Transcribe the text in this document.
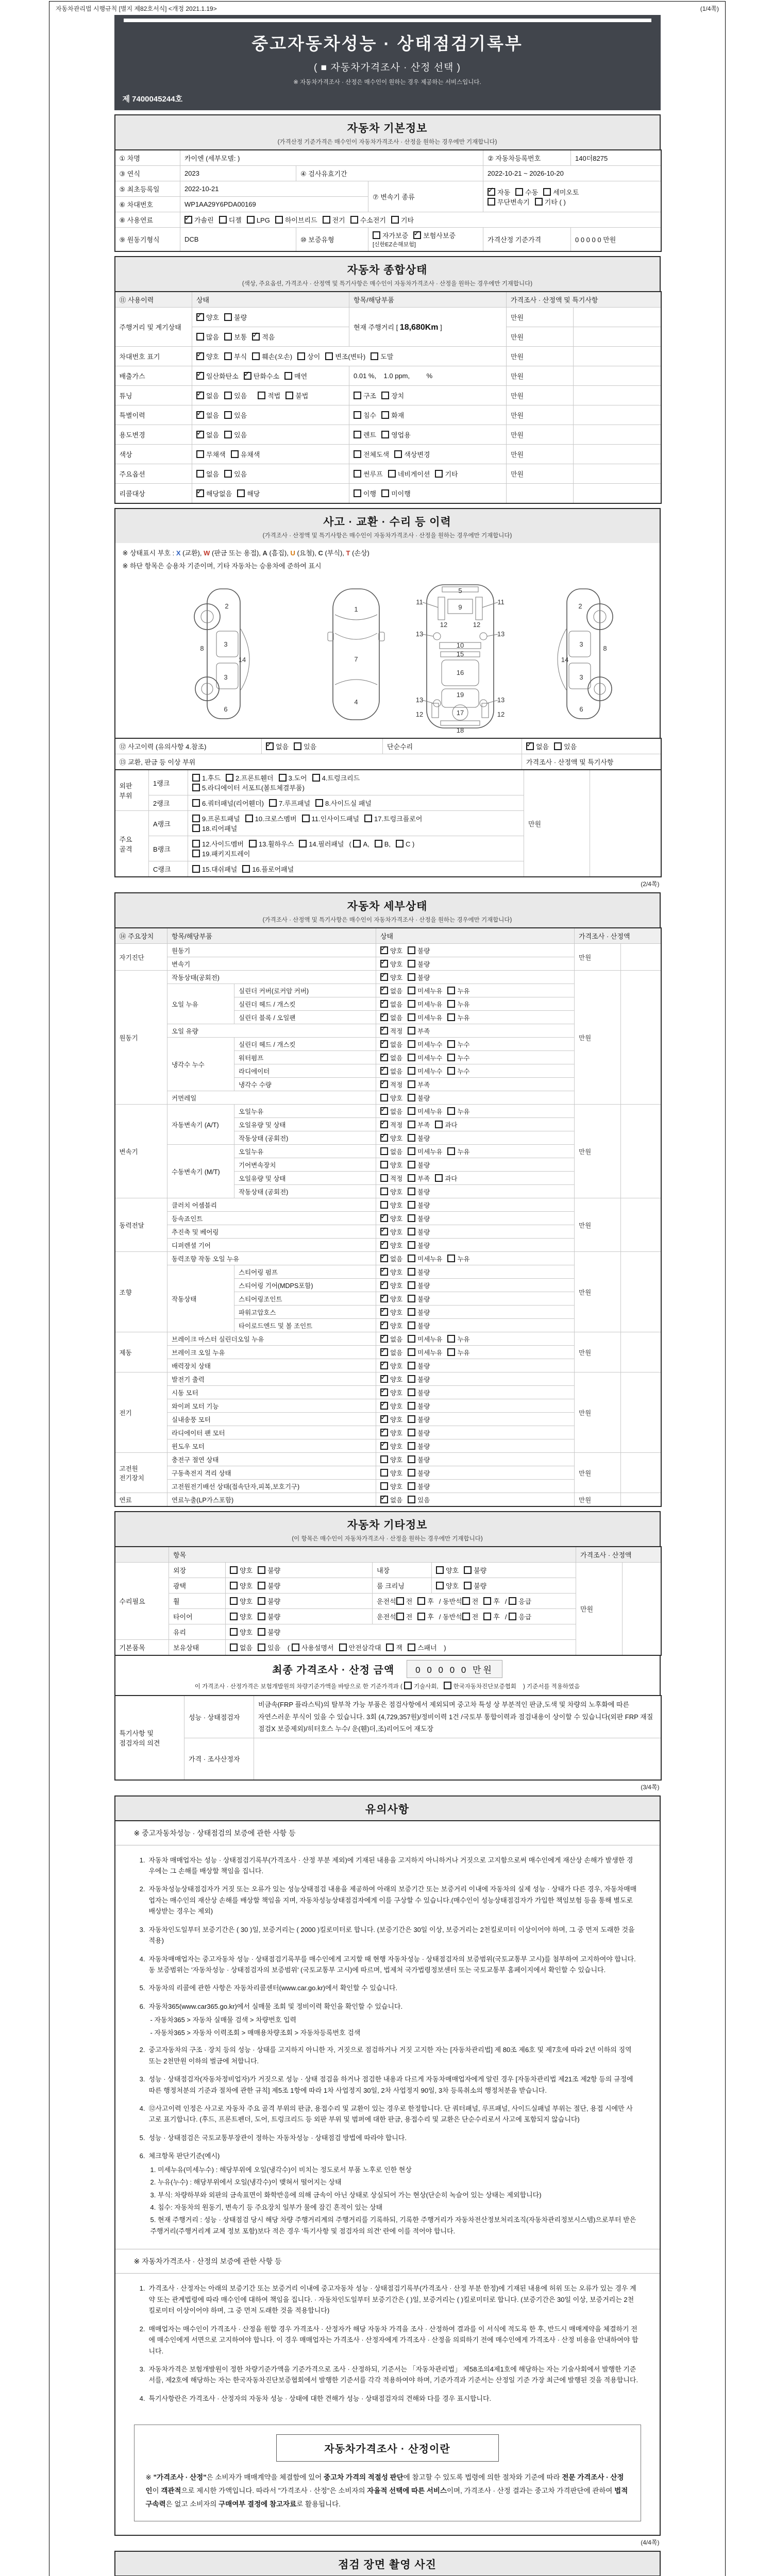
자동차관리법 시행규칙 [별지 제82호서식] <개정 2021.1.19>	(1/4쪽)
중고자동차성능 · 상태점검기록부
( ■ 자동차가격조사 · 산정 선택 )
※ 자동차가격조사 · 산정은 매수인이 원하는 경우 제공하는 서비스입니다.
제 7400045244호
자동차 기본정보
(가격산정 기준가격은 매수인이 자동차가격조사 · 산정을 원하는 경우에만 기재합니다)
① 차명	카이엔 (세부모델: )			② 자동차등록번호	140더8275
③ 연식	2023	④ 검사유효기간		2022-10-21 ~ 2026-10-20	
⑤ 최초등록일	2022-10-21		⑦ 변속기 종류	✓자동 수동 세미오토
무단변속기 기타 ( )
⑥ 차대번호	WP1AA29Y6PDA00169				
⑧ 사용연료	✓가솔린 디젤 LPG 하이브리드 전기 수소전기 기타
⑨ 원동기형식	DCB	⑩ 보증유형	자가보증 ✓ 보험사보증 [신한EZ손해보험]	가격산정 기준가격	0 0 0 0 0 만원
자동차 종합상태
(색상, 주요옵션, 가격조사 · 산정액 및 특기사항은 매수인이 자동차가격조사 · 산정을 원하는 경우에만 기재합니다)
⑪ 사용이력	상태	항목/해당부품	가격조사 · 산정액 및 특기사항	
주행거리 및 계기상태	✓양호 불량	현재 주행거리 [ 18,680Km ]	만원	
	많음 보통 ✓ 적음		만원	
차대번호 표기	✓양호 부식 훼손(오손) 상이 변조(변타) 도말		만원	
배출가스	✓일산화탄소 ✓ 탄화수소 매연	0.01 %,    1.0 ppm,         %	만원	
튜닝	✓없음 있음 적법 불법	구조 장치	만원	
특별이력	✓없음 있음	침수 화재	만원	
용도변경	✓없음 있음	렌트 영업용	만원	
색상	무채색 유채색	전체도색 색상변경	만원	
주요옵션	없음 있음	썬루프 네비게이션 기타	만원	
리콜대상	✓해당없음 해당	이행 미이행		
사고 · 교환 · 수리 등 이력
(가격조사 · 산정액 및 특기사항은 매수인이 자동차가격조사 · 산정을 원하는 경우에만 기재합니다)
※ 상태표시 부호 : X (교환), W (판금 또는 용접), A (흠집), U (요철), C (부식), T (손상)
※ 하단 항목은 승용차 기준이며, 기타 자동차는 승용차에 준하여 표시
2
8
3
14
3
6
1
7
4
5
9
11	11
12	12
13	13
10
15
16
19
13	13
17
12	12
18
2
8
3
14
3
6
⑫ 사고이력 (유의사항 4.참조)	✓없음 있음	단순수리	✓없음 있음
⑬ 교환, 판금 등 이상 부위			가격조사 · 산정액 및 특기사항
외판 부위	1랭크	1.후드 2.프론트휀더 3.도어 4.트렁크리드
5.라디에이터 서포트(볼트체결부품)	만원	
	2랭크	6.쿼터패널(리어휀더) 7.루프패널 8.사이드실 패널		
주요 골격	A랭크	9.프론트패널 10.크로스멤버 11.인사이드패널 17.트렁크플로어
18.리어패널		
	B랭크	12.사이드멤버 13.휠하우스 14.필러패널 ( A, B, C )
19.패키지트레이		
	C랭크	15.대쉬패널 16.플로어패널		
(2/4쪽)
자동차 세부상태
(가격조사 · 산정액 및 특기사항은 매수인이 자동차가격조사 · 산정을 원하는 경우에만 기재합니다)
⑭ 주요장치	항목/해당부품		상태	가격조사 · 산정액	
자기진단	원동기	✓양호 불량	만원	
	변속기	✓양호 불량
원동기	작동상태(공회전)	✓양호 불량	만원	
	오일 누유	실린더 커버(로커암 커버)	✓없음 미세누유 누유
		실린더 헤드 / 개스킷	✓없음 미세누유 누유
		실린더 블록 / 오일팬	✓없음 미세누유 누유
	오일 유량	✓적정 부족
	냉각수 누수	실린더 헤드 / 개스킷	✓없음 미세누수 누수
		워터펌프	✓없음 미세누수 누수
		라디에이터	✓없음 미세누수 누수
		냉각수 수량	✓적정 부족
	커먼레일		양호 불량		
변속기	자동변속기 (A/T)	오일누유	✓없음 미세누유 누유	만원	
		오일유량 및 상태	✓적정 부족 과다
		작동상태 (공회전)	✓양호 불량
	수동변속기 (M/T)	오일누유	없음 미세누유 누유		
		기어변속장치	양호 불량		
		오일유량 및 상태	적정 부족 과다		
		작동상태 (공회전)	양호 불량		
동력전달	클러치 어셈블리		양호 불량	만원	
	등속죠인트	✓양호 불량
	추진축 및 베어링	✓양호 불량
	디퍼렌셜 기어	✓양호 불량
조향	동력조향 작동 오일 누유	✓없음 미세누유 누유	만원	
	작동상태	스티어링 펌프	✓양호 불량
		스티어링 기어(MDPS포함)	✓양호 불량
		스티어링조인트	✓양호 불량
		파워고압호스	✓양호 불량
		타이로드엔드 및 볼 조인트	✓양호 불량
제동	브레이크 마스터 실린더오일 누유	✓없음 미세누유 누유	만원	
	브레이크 오일 누유	✓없음 미세누유 누유
	배력장치 상태	✓양호 불량
전기	발전기 출력	✓양호 불량	만원	
	시동 모터	✓양호 불량
	와이퍼 모터 기능	✓양호 불량
	실내송풍 모터	✓양호 불량
	라디에이터 팬 모터	✓양호 불량
	윈도우 모터	✓양호 불량
고전원 전기장치	충전구 절연 상태		양호 불량	만원	
	구동축전지 격리 상태		양호 불량		
	고전원전기배선 상태(접속단자,피복,보호기구)		양호 불량		
연료	연료누출(LP가스포함)	✓없음 있음	만원	
자동차 기타정보
(이 항목은 매수인이 자동차가격조사 · 산정을 원하는 경우에만 기재합니다)
	항목				가격조사 · 산정액	
수리필요	외장	양호 불량	내장	양호 불량	만원	
	광택	양호 불량	룸 크리닝	양호 불량		
	휠	양호 불량	운전석 전 후 / 동반석 전 후 / 응급			
	타이어	양호 불량	운전석 전 후 / 동반석 전 후 / 응급			
	유리	양호 불량				
기본품목	보유상태	없음 있음 ( 사용설명서 안전삼각대 잭 스패너 )				
최종 가격조사 · 산정 금액	0 0 0 0 0 만원
이 가격조사 · 산정가격은 보험개발원의 차량기준가액을 바탕으로 한 기준가격과 ( 기술사회,	한국자동차진단보증협회 ) 기준서를 적용하였음
특기사항 및 점검자의 의견	성능 · 상태점검자	비금속(FRP 플라스틱)의 탈부착 가능 부품은 점검사항에서 제외되며 중고차 특성 상 부분적인 판금,도색 및 차량의 노후화에 따른 자연스러운 부식이 있을 수 있습니다. 3회 (4,729,357원)/정비이력 1건 /국토부 통합이력과 점검내용이 상이할 수 있습니다(외판 FRP 재질 점검X 보증제외)/히터호스 누수/ 운(휀)더,조)리어도어 재도장
	가격 · 조사산정자	
(3/4쪽)
유의사항
※ 중고자동차성능 · 상태점검의 보증에 관한 사항 등
1. 자동차 매매업자는 성능 · 상태점검기록부(가격조사 · 산정 부분 제외)에 기재된 내용을 고지하지 아니하거나 거짓으로 고지함으로써 매수인에게 재산상 손해가 발생한 경우에는 그 손해를 배상할 책임을 집니다.
2. 자동차성능상태점검자가 거짓 또는 오류가 있는 성능상태점검 내용을 제공하여 아래의 보증기간 또는 보증거리 이내에 자동차의 실제 성능 · 상태가 다른 경우, 자동차매매업자는 매수인의 재산상 손해를 배상할 책임을 지며, 자동차성능상태점검자에게 이를 구상할 수 있습니다.(매수인이 성능상태점검자가 가입한 책임보험 등을 통해 별도로 배상받는 경우는 제외)
3. 자동차인도일부터 보증기간은 ( 30 )일, 보증거리는 ( 2000 )킬로미터로 합니다. (보증기간은 30일 이상, 보증거리는 2천킬로미터 이상이어야 하며, 그 중 먼저 도래한 것을 적용)
4. 자동차매매업자는 중고자동차 성능 · 상태점검기록부를 매수인에게 고지할 때 현행 자동차성능 · 상태점검자의 보증범위(국토교통부 고시)를 첨부하여 고지하여야 합니다. 동 보증범위는 '자동차성능 · 상태점검자의 보증범위' (국토교통부 고시)에 따르며, 법제처 국가법령정보센터 또는 국토교통부 홈페이지에서 확인할 수 있습니다.
5. 자동차의 리콜에 관한 사항은 자동차리콜센터(www.car.go.kr)에서 확인할 수 있습니다.
6. 자동차365(www.car365.go.kr)에서 실매물 조회 및 정비이력 확인을 확인할 수 있습니다.
- 자동차365 > 자동차 실매물 검색 > 차량번호 입력
- 자동차365 > 자동차 이력조회 > 매매용차량조회 > 자동차등록번호 검색
2. 중고자동차의 구조 · 장치 등의 성능 · 상태를 고지하지 아니한 자, 거짓으로 점검하거나 거짓 고지한 자는 [자동차관리법] 제 80조 제6호 및 제7호에 따라 2년 이하의 징역 또는 2천만원 이하의 벌금에 처합니다.
3. 성능 · 상태점검자(자동차정비업자)가 거짓으로 성능 · 상태 점검을 하거나 점검한 내용과 다르게 자동차매매업자에게 알린 경우 [자동차관리법 제21조 제2항 등의 규정에 따른 행정처분의 기준과 절차에 관한 규칙] 제5조 1항에 따라 1차 사업정지 30일, 2차 사업정지 90일, 3차 등록취소의 행정처분을 받습니다.
4. ⑫사고이력 인정은 사고로 자동차 주요 골격 부위의 판금, 용접수리 및 교환이 있는 경우로 한정합니다. 단 쿼터패널, 루프패널, 사이드실패널 부위는 절단, 용접 시에만 사고로 표기합니다. (후드, 프론트펜더, 도어, 트렁크리드 등 외판 부위 및 범퍼에 대한 판금, 용접수리 및 교환은 단순수리로서 사고에 포함되지 않습니다)
5. 성능 · 상태점검은 국토교통부장관이 정하는 자동차성능 · 상태점검 방법에 따라야 합니다.
6. 체크항목 판단기준(예시)
1. 미세누유(미세누수) : 해당부위에 오일(냉각수)이 비치는 정도로서 부품 노후로 인한 현상
2. 누유(누수) : 해당부위에서 오일(냉각수)이 맺혀서 떨어지는 상태
3. 부식: 차량하부와 외판의 금속표면이 화학반응에 의해 금속이 아닌 상태로 상실되어 가는 현상(단순히 녹슬어 있는 상태는 제외합니다)
4. 침수: 자동차의 원동기, 변속기 등 주요장치 일부가 물에 잠긴 흔적이 있는 상태
5. 현재 주행거리 : 성능 · 상태점검 당시 해당 차량 주행거리계의 주행거리를 기록하되, 기록한 주행거리가 자동차전산정보처리조직(자동차관리정보시스템)으로부터 받은 주행거리(주행거리계 교체 정보 포함)보다 적은 경우 '특기사항 및 점검자의 의견' 란에 이를 적어야 합니다.
※ 자동차가격조사 · 산정의 보증에 관한 사항 등
1. 가격조사 · 산정자는 아래의 보증기간 또는 보증거리 이내에 중고자동차 성능 · 상태점검기록부(가격조사 · 산정 부분 한정)에 기재된 내용에 허위 또는 오류가 있는 경우 계약 또는 관계법령에 따라 매수인에 대하여 책임을 집니다. · 자동차인도일부터 보증기간은 ( )일, 보증거리는 ( )킬로미터로 합니다. (보증기간은 30일 이상, 보증거리는 2천킬로미터 이상이어야 하며, 그 중 먼저 도래한 것을 적용합니다)
2. 매매업자는 매수인이 가격조사 · 산정을 원할 경우 가격조사 · 산정자가 해당 자동차 가격을 조사 · 산정하여 결과를 이 서식에 적도록 한 후, 반드시 매매계약을 체결하기 전에 매수인에게 서면으로 고지하여야 합니다. 이 경우 매매업자는 가격조사 · 산정자에게 가격조사 · 산정을 의뢰하기 전에 매수인에게 가격조사 · 산정 비용을 안내하여야 합니다.
3. 자동차가격은 보험개발원이 정한 차량기준가액을 기준가격으로 조사 · 산정하되, 기준서는 「자동차관리법」 제58조의4제1호에 해당하는 자는 기술사회에서 발행한 기준서를, 제2호에 해당하는 자는 한국자동차진단보증협회에서 발행한 기준서를 각각 적용하여야 하며, 기준가격과 기준서는 산정일 기준 가장 최근에 발행된 것을 적용합니다.
4. 특기사항란은 가격조사 · 산정자의 자동차 성능 · 상태에 대한 견해가 성능 · 상태점검자의 견해와 다를 경우 표시합니다.
자동차가격조사 · 산정이란
※ "가격조사 · 산정"은 소비자가 매매계약을 체결함에 있어 중고차 가격의 적절성 판단에 참고할 수 있도록 법령에 의한 절차와 기준에 따라 전문 가격조사 · 산정인이 객관적으로 제시한 가액입니다. 따라서 "가격조사 · 산정"은 소비자의 자율적 선택에 따른 서비스이며, 가격조사 · 산정 결과는 중고차 가격판단에 관하여 법적 구속력은 없고 소비자의 구매여부 결정에 참고자료로 활용됩니다.
(4/4쪽)
점검 장면 촬영 사진
